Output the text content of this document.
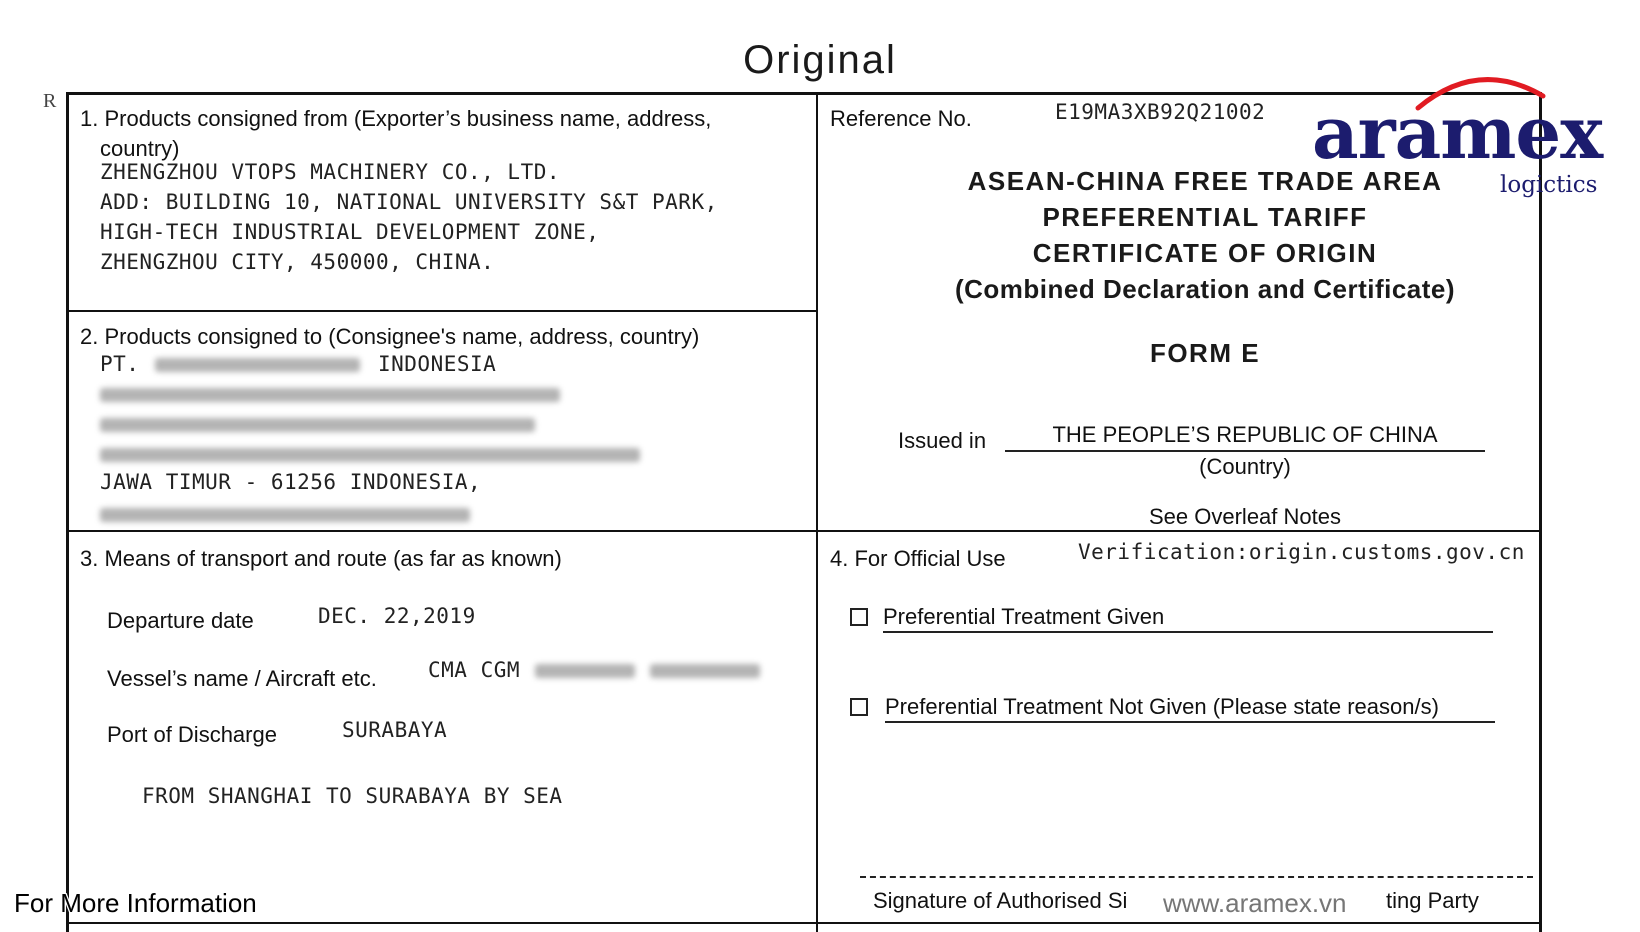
Original
R
1. Products consigned from (Exporter’s business name, address,
country)
ZHENGZHOU VTOPS MACHINERY CO., LTD.
ADD: BUILDING 10, NATIONAL UNIVERSITY S&T PARK,
HIGH-TECH INDUSTRIAL DEVELOPMENT ZONE,
ZHENGZHOU CITY, 450000, CHINA.
2. Products consigned to (Consignee's name, address, country)
PT.	INDONESIA
JAWA TIMUR - 61256 INDONESIA,
3. Means of transport and route (as far as known)
Departure date	DEC. 22,2019
Vessel’s name / Aircraft etc. CMA CGM
Port of Discharge	SURABAYA
FROM SHANGHAI TO SURABAYA BY SEA
Reference No.	E19MA3XB92Q21002
ASEAN-CHINA FREE TRADE AREA
PREFERENTIAL TARIFF
CERTIFICATE OF ORIGIN
(Combined Declaration and Certificate)
FORM E
Issued in	THE PEOPLE’S REPUBLIC OF CHINA
(Country)
See Overleaf Notes
aramex
logictics
4. For Official Use	Verification:origin.customs.gov.cn
Preferential Treatment Given
Preferential Treatment Not Given (Please state reason/s)
Signature of Authorised Si	ting Party
For More Information	www.aramex.vn
